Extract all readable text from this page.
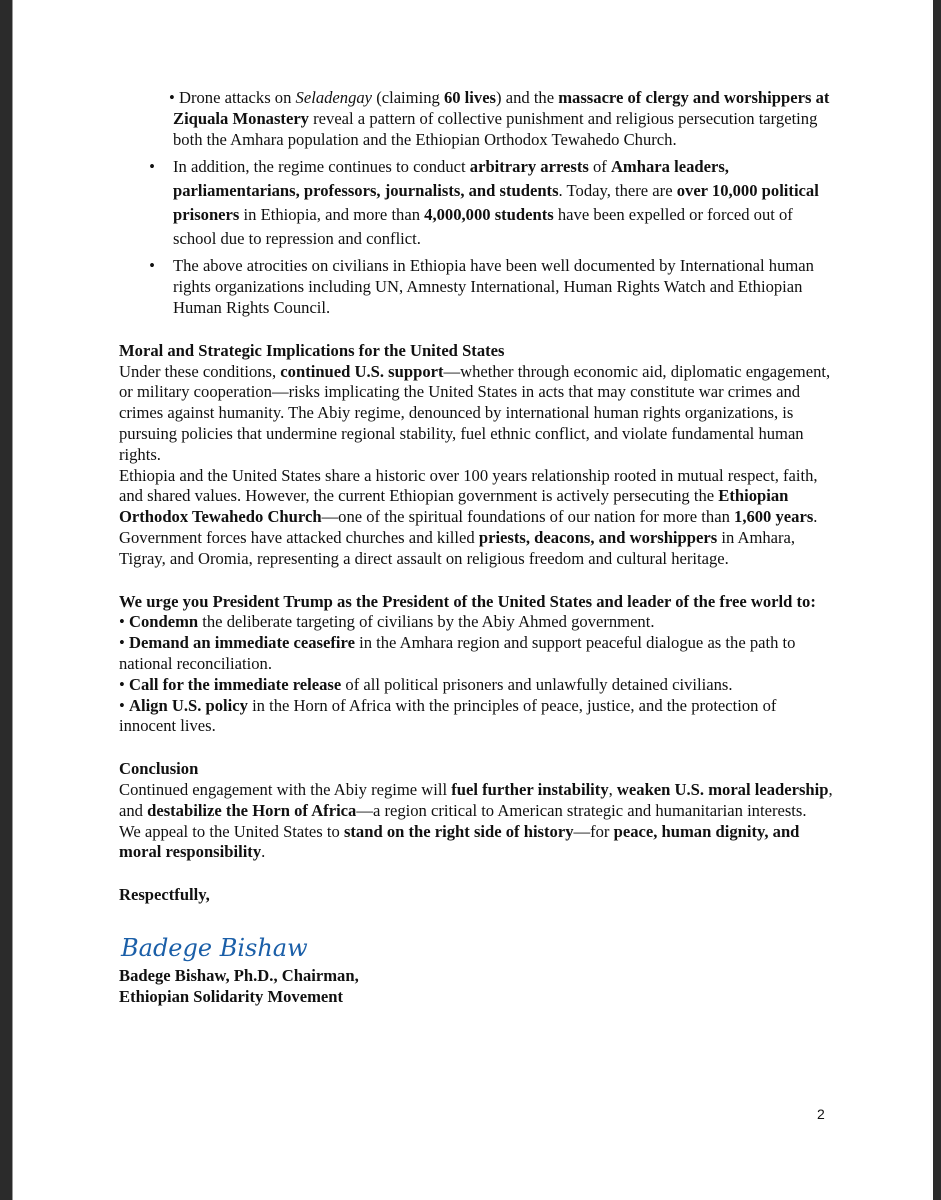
• Drone attacks on Seladengay (claiming 60 lives) and the massacre of clergy and worshippers at Ziquala Monastery reveal a pattern of collective punishment and religious persecution targeting both the Amhara population and the Ethiopian Orthodox Tewahedo Church.

• In addition, the regime continues to conduct arbitrary arrests of Amhara leaders, parliamentarians, professors, journalists, and students. Today, there are over 10,000 political prisoners in Ethiopia, and more than 4,000,000 students have been expelled or forced out of school due to repression and conflict.

• The above atrocities on civilians in Ethiopia have been well documented by International human rights organizations including UN, Amnesty International, Human Rights Watch and Ethiopian Human Rights Council.

Moral and Strategic Implications for the United States

Under these conditions, continued U.S. support—whether through economic aid, diplomatic engagement, or military cooperation—risks implicating the United States in acts that may constitute war crimes and crimes against humanity. The Abiy regime, denounced by international human rights organizations, is pursuing policies that undermine regional stability, fuel ethnic conflict, and violate fundamental human rights.

Ethiopia and the United States share a historic over 100 years relationship rooted in mutual respect, faith, and shared values. However, the current Ethiopian government is actively persecuting the Ethiopian Orthodox Tewahedo Church—one of the spiritual foundations of our nation for more than 1,600 years. Government forces have attacked churches and killed priests, deacons, and worshippers in Amhara, Tigray, and Oromia, representing a direct assault on religious freedom and cultural heritage.

We urge you President Trump as the President of the United States and leader of the free world to:

• Condemn the deliberate targeting of civilians by the Abiy Ahmed government.

• Demand an immediate ceasefire in the Amhara region and support peaceful dialogue as the path to national reconciliation.

• Call for the immediate release of all political prisoners and unlawfully detained civilians.

• Align U.S. policy in the Horn of Africa with the principles of peace, justice, and the protection of innocent lives.

Conclusion

Continued engagement with the Abiy regime will fuel further instability, weaken U.S. moral leadership, and destabilize the Horn of Africa—a region critical to American strategic and humanitarian interests.

We appeal to the United States to stand on the right side of history—for peace, human dignity, and moral responsibility.

Respectfully,

Badege Bishaw

Badege Bishaw, Ph.D., Chairman,

Ethiopian Solidarity Movement

2
